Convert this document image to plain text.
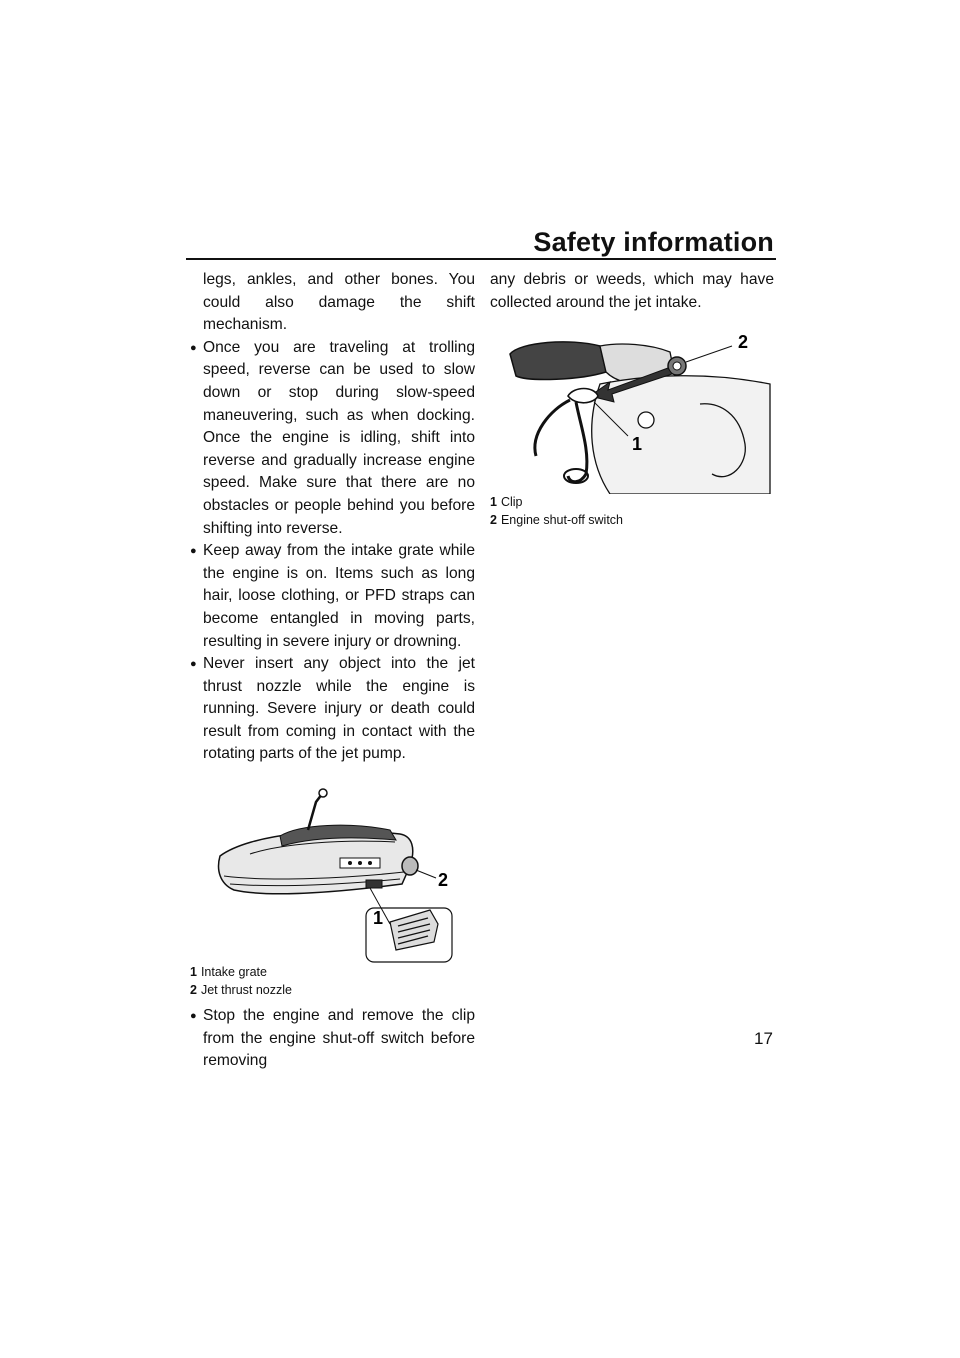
Safety information

legs, ankles, and other bones. You could also damage the shift mechanism.

● Once you are traveling at trolling speed, reverse can be used to slow down or stop during slow-speed maneuvering, such as when docking. Once the engine is idling, shift into reverse and gradually increase engine speed. Make sure that there are no obstacles or people behind you before shifting into reverse.
● Keep away from the intake grate while the engine is on. Items such as long hair, loose clothing, or PFD straps can become entangled in moving parts, resulting in severe injury or drowning.
● Never insert any object into the jet thrust nozzle while the engine is running. Severe injury or death could result from coming in contact with the rotating parts of the jet pump.
2
1

1 Intake grate

2 Jet thrust nozzle

● Stop the engine and remove the clip from the engine shut-off switch before removing

any debris or weeds, which may have collected around the jet intake.

1
2

1 Clip

2 Engine shut-off switch

17
